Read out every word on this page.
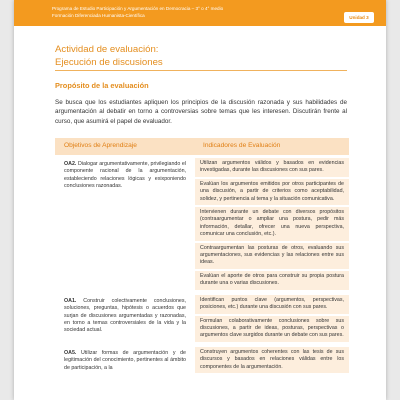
Programa de Estudio Participación y Argumentación en Democracia – 3° o 4° medio
Formación Diferenciada Humanista-Científica	Unidad 3
Actividad de evaluación:
Ejecución de discusiones
Propósito de la evaluación
Se busca que los estudiantes apliquen los principios de la discusión razonada y sus habilidades de argumentación al debatir en torno a controversias sobre temas que les interesen. Discutirán frente al curso, que asumirá el papel de evaluador.
Objetivos de Aprendizaje	Indicadores de Evaluación
OA2. Dialogar argumentativamente, privilegiando el componente racional de la argumentación, estableciendo relaciones lógicas y exixponiendo conclusiones razonadas.
Utilizan argumentos válidos y basados en evidencias investigadas, durante las discusiones con sus pares.
Evalúan los argumentos emitidos por otros participantes de una discusión, a partir de criterios como aceptabilidad, solidez, y pertinencia al tema y la situación comunicativa.
Intervienen durante un debate con diversos propósitos (contraargumentar o ampliar una postura, pedir más información, detallar, ofrecer una nueva perspectiva, comunicar una conclusión, etc.).
Contraargumentan las posturas de otros, evaluando sus argumentaciones, sus evidencias y las relaciones entre sus ideas.
Evalúan el aporte de otros para construir su propia postura durante una o varias discusiones.
OA1. Construir colectivamente conclusiones, soluciones, preguntas, hipótesis o acuerdos que surjan de discusiones argumentadas y razonadas, en torno a temas controversiales de la vida y la sociedad actual.
Identifican puntos clave (argumentos, perspectivas, posiciones, etc.) durante una discusión con sus pares.
Formulan colaborativamente conclusiones sobre sus discusiones, a partir de ideas, posturas, perspectivas o argumentos clave surgidos durante un debate con sus pares.
OA5. Utilizar formas de argumentación y de legitimación del conocimiento, pertinentes al ámbito de participación, a la
Construyen argumentos coherentes con las tesis de sus discursos y basados en relaciones válidas entre los componentes de la argumentación.
